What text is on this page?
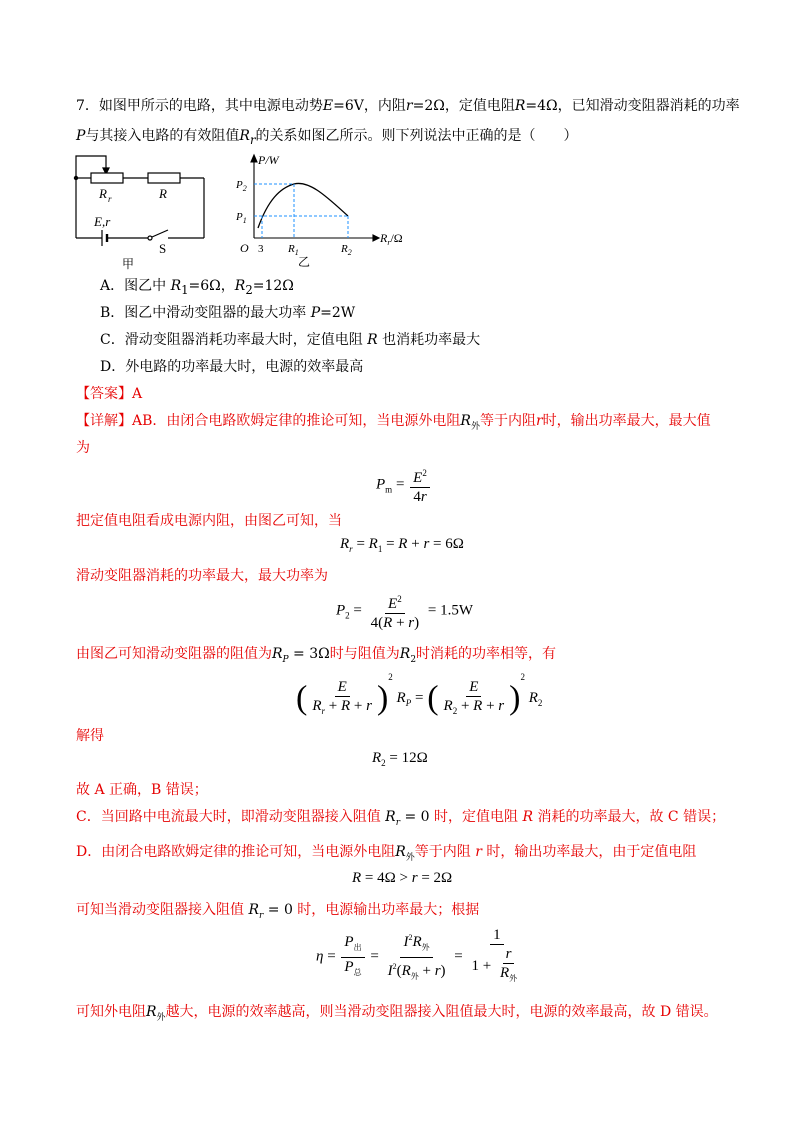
7．如图甲所示的电路，其中电源电动势E=6V，内阻r=2Ω，定值电阻R=4Ω，已知滑动变阻器消耗的功率
P与其接入电路的有效阻值$R_r$的关系如图乙所示。则下列说法中正确的是（　　）
R r	R
E,r
S
甲
P/W
$P_2$
$P_1$
O 3 $R_1$	$R_2$
$R_r/\Omega$
乙
A．图乙中 $R_1=6\Omega$，$R_2=12\Omega$
B．图乙中滑动变阻器的最大功率 P=2W
C．滑动变阻器消耗功率最大时，定值电阻 R 也消耗功率最大
D．外电路的功率最大时，电源的效率最高
【答案】A
【详解】AB．由闭合电路欧姆定律的推论可知，当电源外电阻$R_外$等于内阻r时，输出功率最大，最大值
为
$P_m = \frac{E^2}{4r}$
把定值电阻看成电源内阻，由图乙可知，当
$R_r = R_1 = R + r = 6\Omega$
滑动变阻器消耗的功率最大，最大功率为
$P_2 = \frac{E^2}{4(R + r)} = 1.5W$
由图乙可知滑动变阻器的阻值为$R_P = 3\Omega$时与阻值为$R_2$时消耗的功率相等，有
( $\frac{E}{R_r + R + r} )^2$ $R_P$ = ( $\frac{E}{R_2 + R + r} )^2$ $R_2$
解得
$R_2 = 12\Omega$
故 A 正确，B 错误；
C．当回路中电流最大时，即滑动变阻器接入阻值 $R_r = 0$ 时，定值电阻 R 消耗的功率最大，故 C 错误；
D．由闭合电路欧姆定律的推论可知，当电源外电阻$R_外$等于内阻 r 时，输出功率最大，由于定值电阻
R = 4Ω > r = 2Ω
可知当滑动变阻器接入阻值 $R_r = 0$ 时，电源输出功率最大；根据
$\eta = \frac{P_出}{P_总} = \frac{I^2R_外}{I^2(R_外 + r)} = \frac{1}{1 + \frac{r}{R_外}}$
可知外电阻$R_外$越大，电源的效率越高，则当滑动变阻器接入阻值最大时，电源的效率最高，故 D 错误。
